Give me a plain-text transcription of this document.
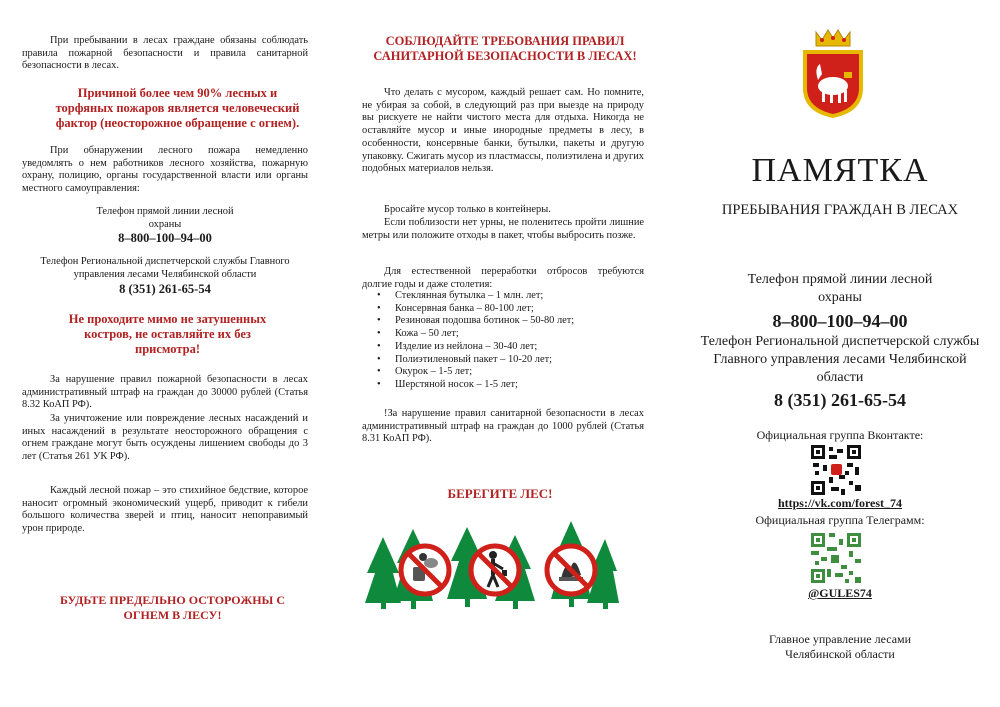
При пребывании в лесах граждане обязаны соблюдать правила пожарной безопасности и правила санитарной безопасности в лесах.

Причиной более чем 90% лесных и торфяных пожаров является человеческий фактор (неосторожное обращение с огнем).

При обнаружении лесного пожара немедленно уведомлять о нем работников лесного хозяйства, пожарную охрану, полицию, органы государственной власти или органы местного самоуправления:

Телефон прямой линии лесной охраны
8–800–100–94–00
Телефон Региональной диспетчерской службы Главного управления лесами Челябинской области
8 (351) 261-65-54
Не проходите мимо не затушенных костров, не оставляйте их без присмотра!

За нарушение правил пожарной безопасности в лесах административный штраф на граждан до 30000 рублей (Статья 8.32 КоАП РФ).

За уничтожение или повреждение лесных насаждений и иных насаждений в результате неосторожного обращения с огнем граждане могут быть осуждены лишением свободы до 3 лет (Статья 261 УК РФ).

Каждый лесной пожар – это стихийное бедствие, которое наносит огромный экономический ущерб, приводит к гибели большого количества зверей и птиц, наносит непоправимый урон природе.

БУДЬТЕ ПРЕДЕЛЬНО ОСТОРОЖНЫ С ОГНЕМ В ЛЕСУ!
СОБЛЮДАЙТЕ ТРЕБОВАНИЯ ПРАВИЛ САНИТАРНОЙ БЕЗОПАСНОСТИ В ЛЕСАХ!

Что делать с мусором, каждый решает сам. Но помните, не убирая за собой, в следующий раз при выезде на природу вы рискуете не найти чистого места для отдыха. Никогда не оставляйте мусор и иные инородные предметы в лесу, в особенности, консервные банки, бутылки, пакеты и другую упаковку. Сжигать мусор из пластмассы, полиэтилена и других подобных материалов нельзя.

Бросайте мусор только в контейнеры.

Если поблизости нет урны, не поленитесь пройти лишние метры или положите отходы в пакет, чтобы выбросить позже.

Для естественной переработки отбросов требуются долгие годы и даже столетия:

• Стеклянная бутылка – 1 млн. лет;
• Консервная банка – 80-100 лет;
• Резиновая подошва ботинок – 50-80 лет;
• Кожа – 50 лет;
• Изделие из нейлона – 30-40 лет;
• Полиэтиленовый пакет – 10-20 лет;
• Окурок – 1-5 лет;
• Шерстяной носок – 1-5 лет;

!За нарушение правил санитарной безопасности в лесах административный штраф на граждан до 1000 рублей (Статья 8.31 КоАП РФ).

БЕРЕГИТЕ ЛЕС!
ПАМЯТКА
ПРЕБЫВАНИЯ ГРАЖДАН В ЛЕСАХ
Телефон прямой линии лесной охраны
8–800–100–94–00
Телефон Региональной диспетчерской службы Главного управления лесами Челябинской области
8 (351) 261-65-54
Официальная группа Вконтакте:
https://vk.com/forest_74
Официальная группа Телеграмм:
@GULES74
Главное управление лесами Челябинской области
